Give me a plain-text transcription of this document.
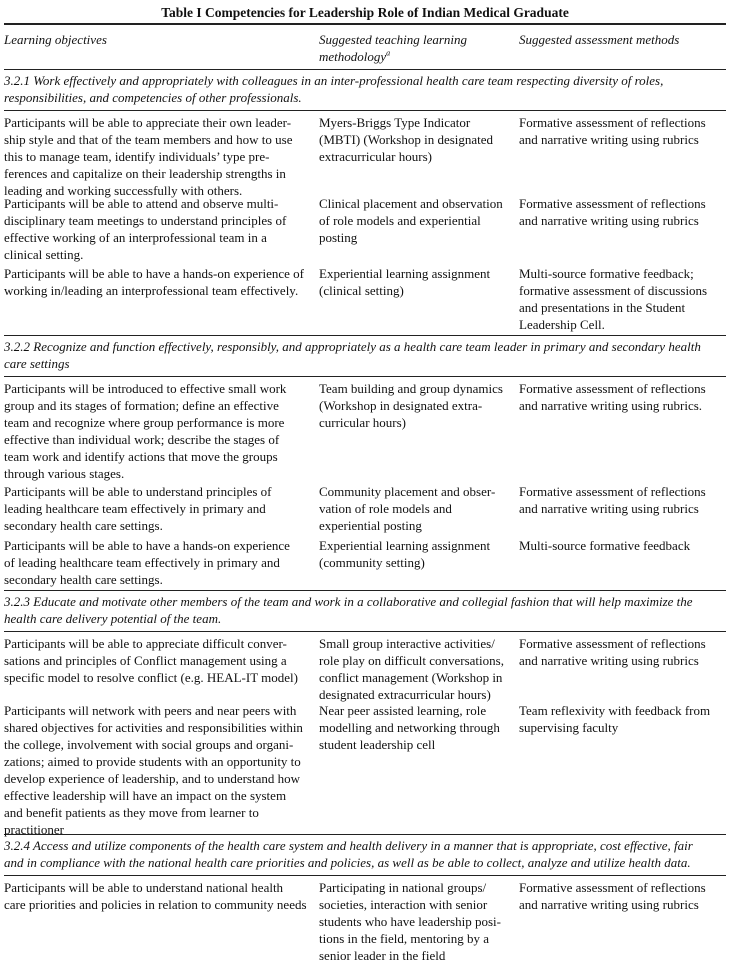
Table I Competencies for Leadership Role of Indian Medical Graduate
Learning objectives	Suggested teaching learning methodology$^a$
Suggested assessment methods
3.2.1 Work effectively and appropriately with colleagues in an inter-professional health care team respecting diversity of roles,
responsibilities, and competencies of other professionals.
Participants will be able to appreciate their own leader-
ship style and that of the team members and how to use
this to manage team, identify individuals’ type pre-
ferences and capitalize on their leadership strengths in
leading and working successfully with others.
Myers-Briggs Type Indicator
(MBTI) (Workshop in designated
extracurricular hours)
Formative assessment of reflections
and narrative writing using rubrics
Participants will be able to attend and observe multi-
disciplinary team meetings to understand principles of
effective working of an interprofessional team in a
clinical setting.
Clinical placement and observation
of role models and experiential
posting
Formative assessment of reflections
and narrative writing using rubrics
Participants will be able to have a hands-on experience of
working in/leading an interprofessional team effectively.
Experiential learning assignment
(clinical setting)
Multi-source formative feedback;
formative assessment of discussions
and presentations in the Student
Leadership Cell.
3.2.2 Recognize and function effectively, responsibly, and appropriately as a health care team leader in primary and secondary health
care settings
Participants will be introduced to effective small work
group and its stages of formation; define an effective
team and recognize where group performance is more
effective than individual work; describe the stages of
team work and identify actions that move the groups
through various stages.
Team building and group dynamics
(Workshop in designated extra-
curricular hours)
Formative assessment of reflections
and narrative writing using rubrics.
Participants will be able to understand principles of
leading healthcare team effectively in primary and
secondary health care settings.
Community placement and obser-
vation of role models and
experiential posting
Formative assessment of reflections
and narrative writing using rubrics
Participants will be able to have a hands-on experience
of leading healthcare team effectively in primary and
secondary health care settings.
Experiential learning assignment
(community setting)
Multi-source formative feedback
3.2.3 Educate and motivate other members of the team and work in a collaborative and collegial fashion that will help maximize the
health care delivery potential of the team.
Participants will be able to appreciate difficult conver-
sations and principles of Conflict management using a
specific model to resolve conflict (e.g. HEAL-IT model)
Small group interactive activities/
role play on difficult conversations,
conflict management (Workshop in
designated extracurricular hours)
Formative assessment of reflections
and narrative writing using rubrics
Participants will network with peers and near peers with
shared objectives for activities and responsibilities within
the college, involvement with social groups and organi-
zations; aimed to provide students with an opportunity to
develop experience of leadership, and to understand how
effective leadership will have an impact on the system
and benefit patients as they move from learner to
practitioner
Near peer assisted learning, role
modelling and networking through
student leadership cell
Team reflexivity with feedback from
supervising faculty
3.2.4 Access and utilize components of the health care system and health delivery in a manner that is appropriate, cost effective, fair
and in compliance with the national health care priorities and policies, as well as be able to collect, analyze and utilize health data.
Participants will be able to understand national health
care priorities and policies in relation to community needs
Participating in national groups/
societies, interaction with senior
students who have leadership posi-
tions in the field, mentoring by a
senior leader in the field
Formative assessment of reflections
and narrative writing using rubrics
